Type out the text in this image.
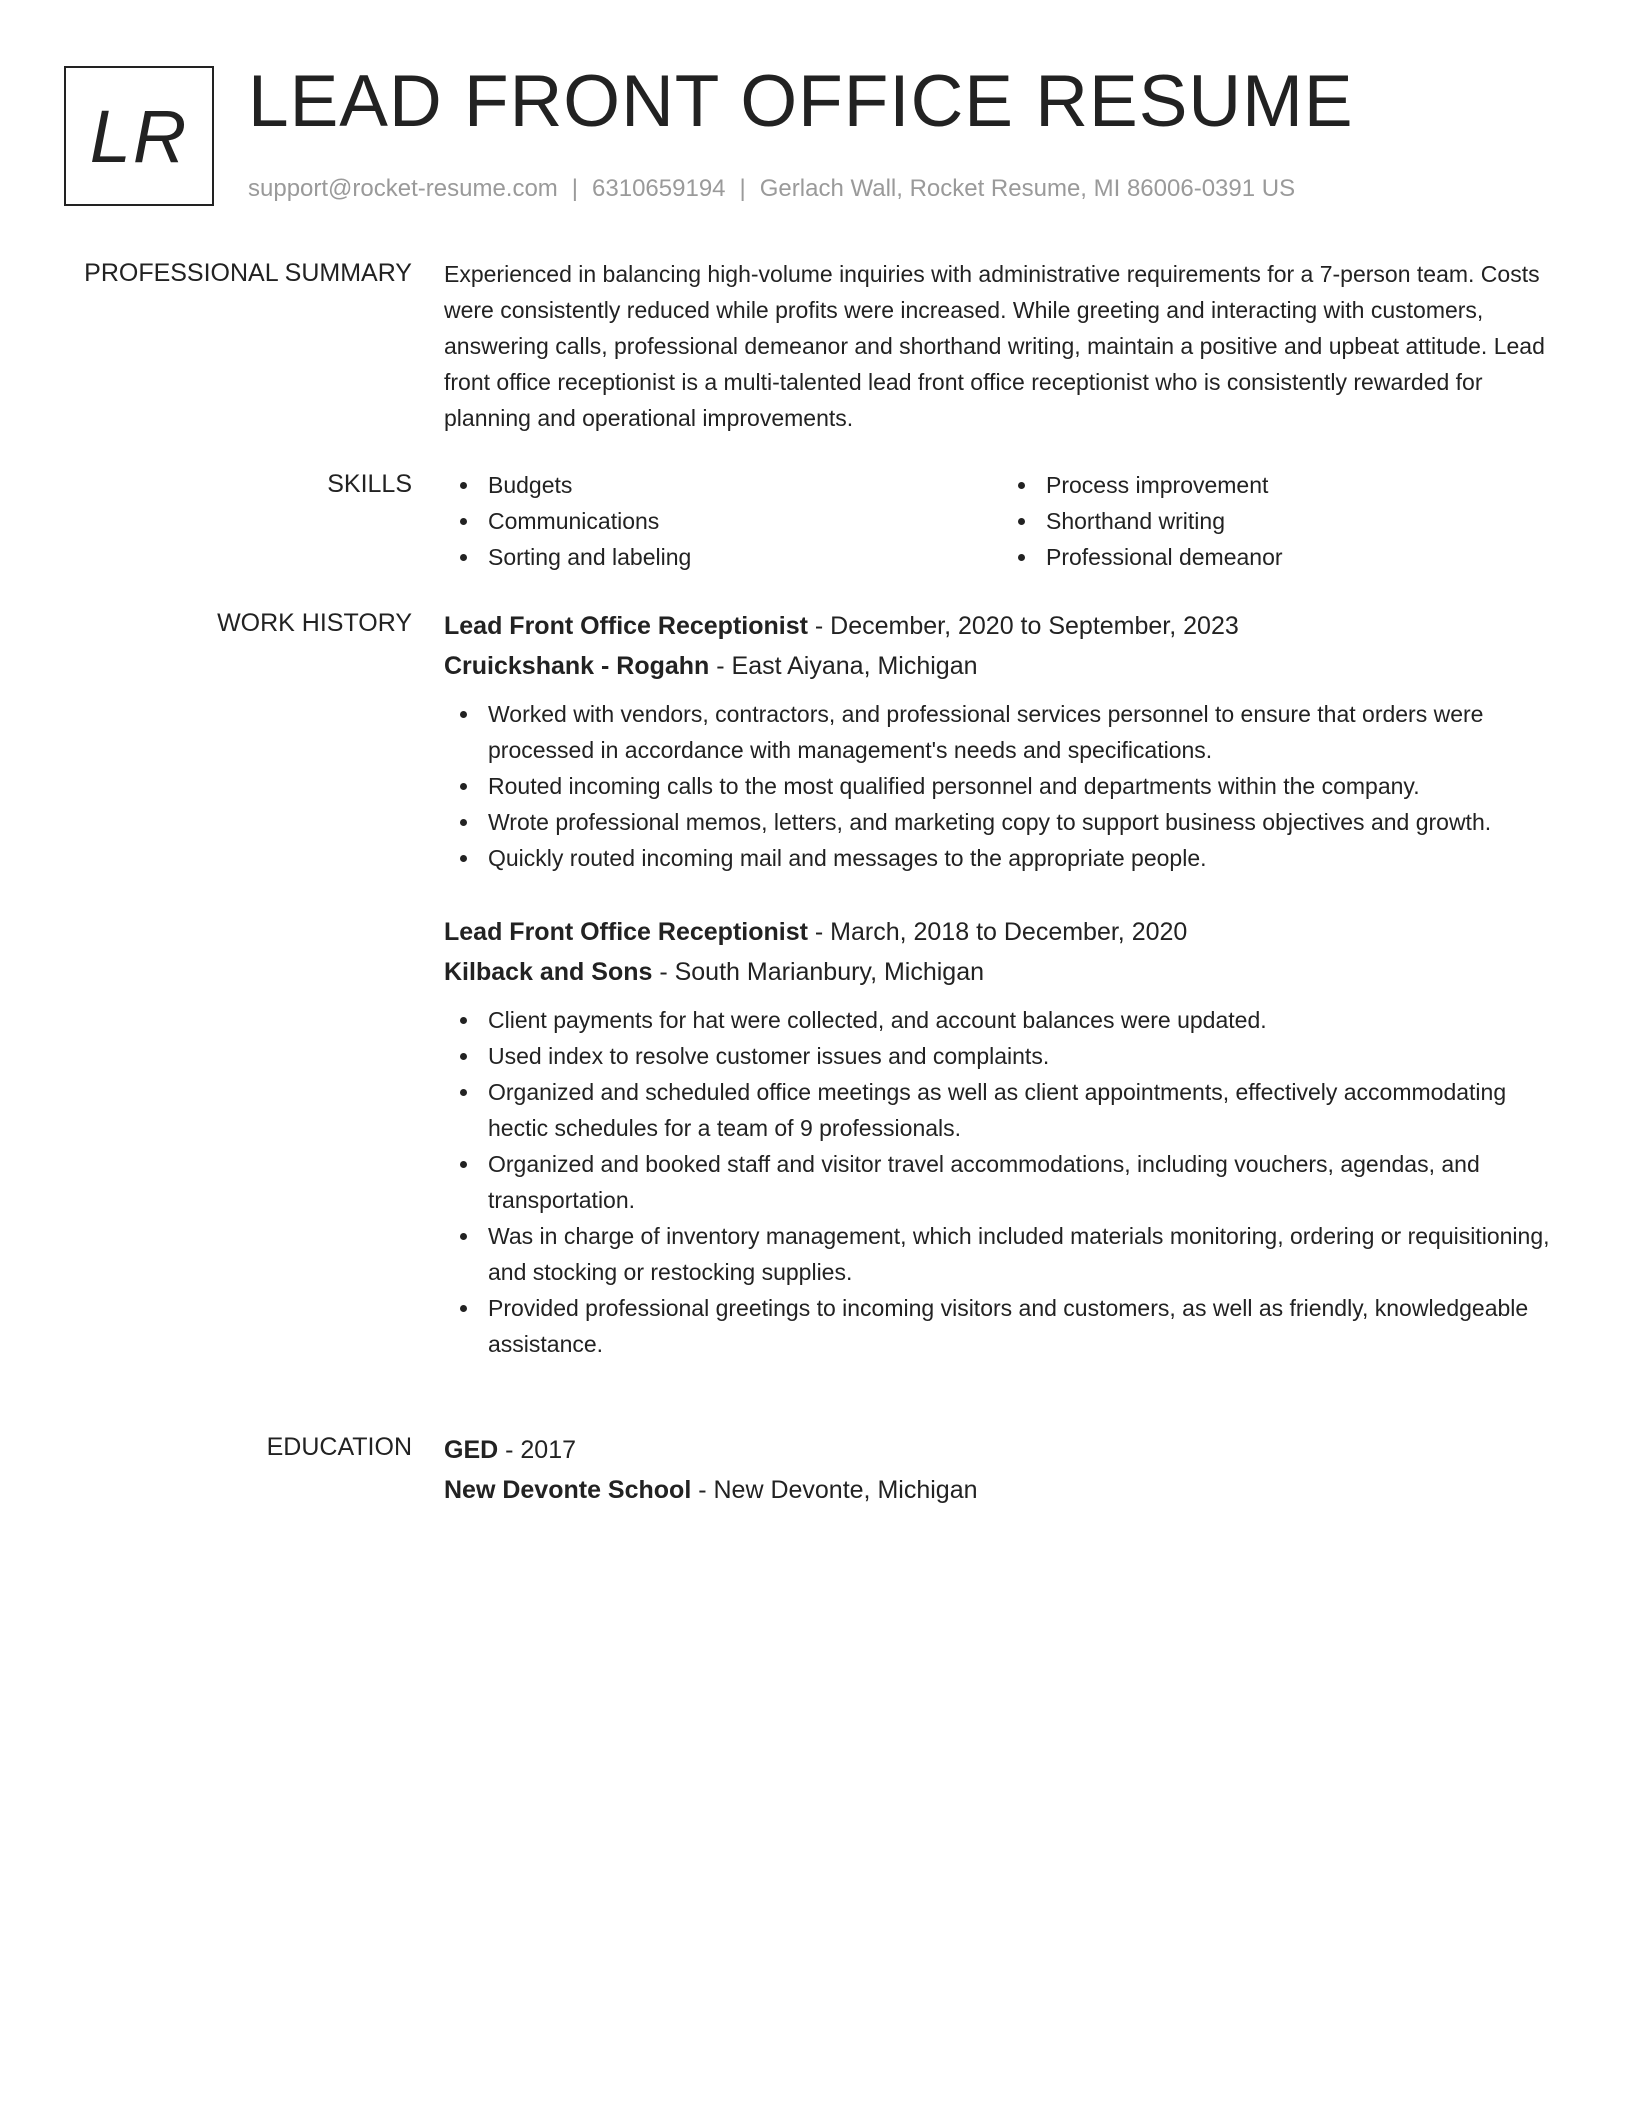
LR LEAD FRONT OFFICE RESUME
support@rocket-resume.com | 6310659194 | Gerlach Wall, Rocket Resume, MI 86006-0391 US
PROFESSIONAL SUMMARY Experienced in balancing high-volume inquiries with administrative requirements for a 7-person team. Costs were consistently reduced while profits were increased. While greeting and interacting with customers, answering calls, professional demeanor and shorthand writing, maintain a positive and upbeat attitude. Lead front office receptionist is a multi-talented lead front office receptionist who is consistently rewarded for planning and operational improvements.

SKILLS	Budgets
Communications
Sorting and labeling
Process improvement
Shorthand writing
Professional demeanor
WORK HISTORY Lead Front Office Receptionist - December, 2020 to September, 2023
Cruickshank - Rogahn - East Aiyana, Michigan
Worked with vendors, contractors, and professional services personnel to ensure that orders were processed in accordance with management's needs and specifications.
Routed incoming calls to the most qualified personnel and departments within the company.
Wrote professional memos, letters, and marketing copy to support business objectives and growth.
Quickly routed incoming mail and messages to the appropriate people.
Lead Front Office Receptionist - March, 2018 to December, 2020
Kilback and Sons - South Marianbury, Michigan
Client payments for hat were collected, and account balances were updated.
Used index to resolve customer issues and complaints.
Organized and scheduled office meetings as well as client appointments, effectively accommodating hectic schedules for a team of 9 professionals.
Organized and booked staff and visitor travel accommodations, including vouchers, agendas, and transportation.
Was in charge of inventory management, which included materials monitoring, ordering or requisitioning, and stocking or restocking supplies.
Provided professional greetings to incoming visitors and customers, as well as friendly, knowledgeable assistance.
EDUCATION GED - 2017
New Devonte School - New Devonte, Michigan
